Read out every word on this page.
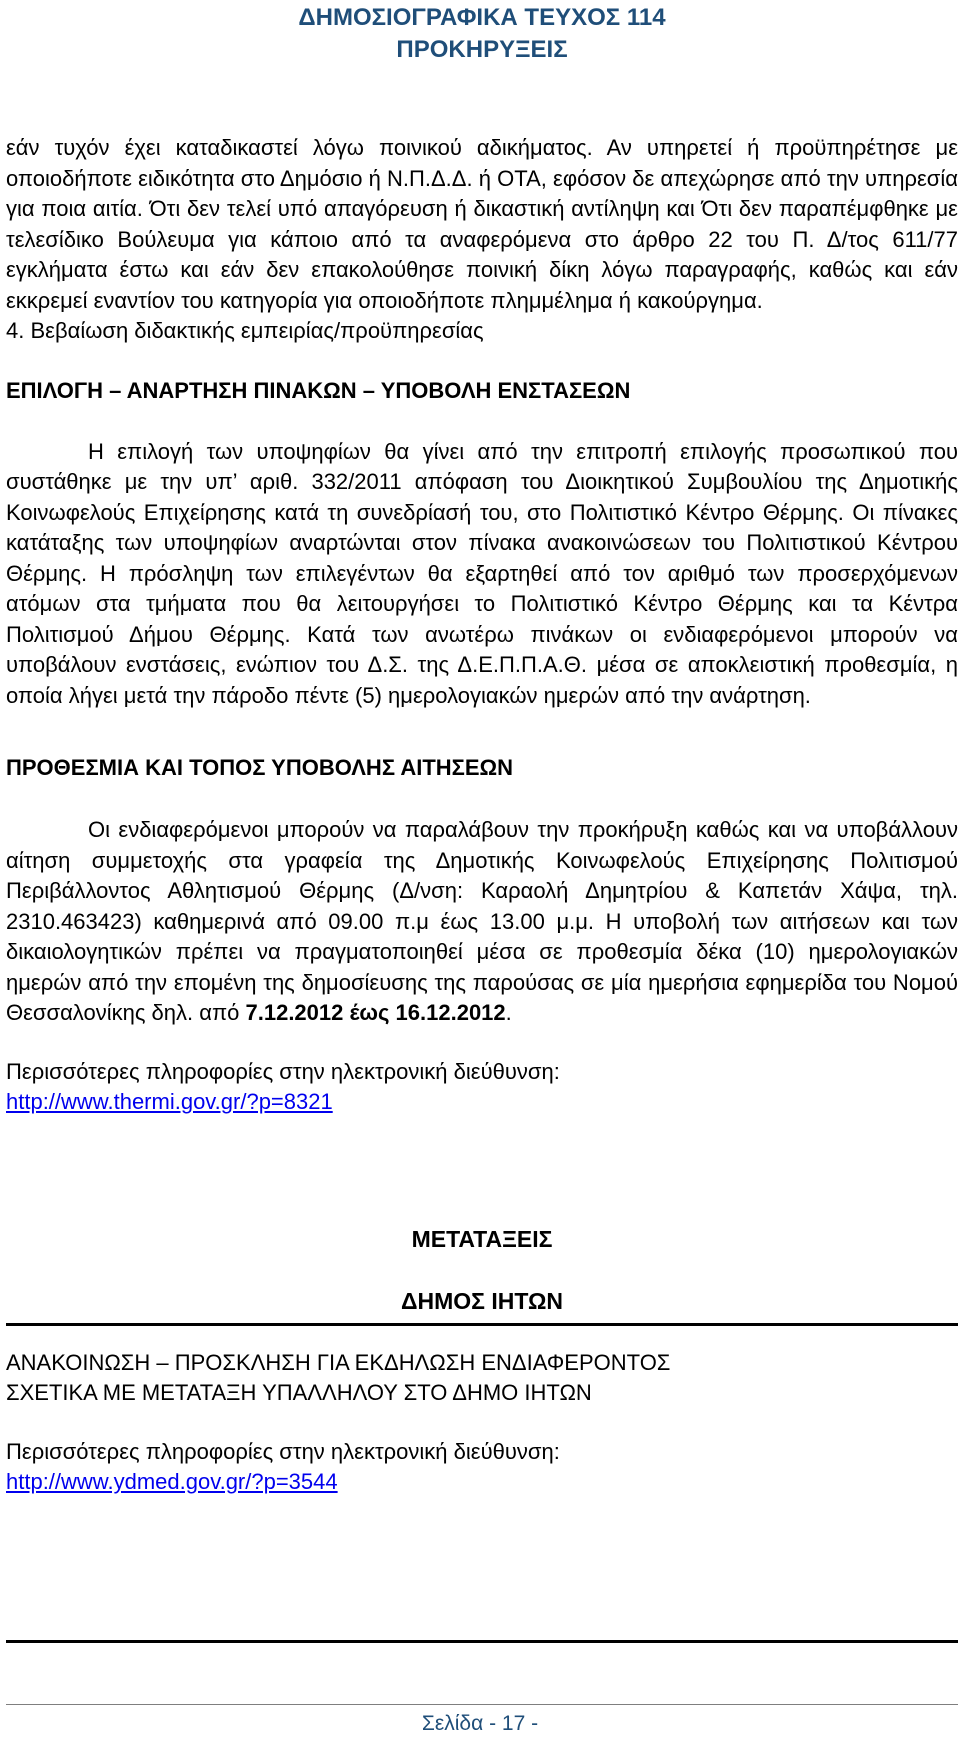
ΔΗΜΟΣΙΟΓΡΑΦΙΚΑ ΤΕΥΧΟΣ 114
ΠΡΟΚΗΡΥΞΕΙΣ

εάν τυχόν έχει καταδικαστεί λόγω ποινικού αδικήματος. Αν υπηρετεί ή προϋπηρέτησε με οποιοδήποτε ειδικότητα στο Δημόσιο ή Ν.Π.Δ.Δ. ή ΟΤΑ, εφόσον δε απεχώρησε από την υπηρεσία για ποια αιτία. Ότι δεν τελεί υπό απαγόρευση ή δικαστική αντίληψη και Ότι δεν παραπέμφθηκε με τελεσίδικο Βούλευμα για κάποιο από τα αναφερόμενα στο άρθρο 22 του Π. Δ/τος 611/77 εγκλήματα έστω και εάν δεν επακολούθησε ποινική δίκη λόγω παραγραφής, καθώς και εάν εκκρεμεί εναντίον του κατηγορία για οποιοδήποτε πλημμέλημα ή κακούργημα.

4. Βεβαίωση διδακτικής εμπειρίας/προϋπηρεσίας

ΕΠΙΛΟΓΗ – ΑΝΑΡΤΗΣΗ ΠΙΝΑΚΩΝ – ΥΠΟΒΟΛΗ ΕΝΣΤΑΣΕΩΝ

Η επιλογή των υποψηφίων θα γίνει από την επιτροπή επιλογής προσωπικού που συστάθηκε με την υπ’ αριθ. 332/2011 απόφαση του Διοικητικού Συμβουλίου της Δημοτικής Κοινωφελούς Επιχείρησης κατά τη συνεδρίασή του, στο Πολιτιστικό Κέντρο Θέρμης. Οι πίνακες κατάταξης των υποψηφίων αναρτώνται στον πίνακα ανακοινώσεων του Πολιτιστικού Κέντρου Θέρμης. Η πρόσληψη των επιλεγέντων θα εξαρτηθεί από τον αριθμό των προσερχόμενων ατόμων στα τμήματα που θα λειτουργήσει το Πολιτιστικό Κέντρο Θέρμης και τα Κέντρα Πολιτισμού Δήμου Θέρμης. Κατά των ανωτέρω πινάκων οι ενδιαφερόμενοι μπορούν να υποβάλουν ενστάσεις, ενώπιον του Δ.Σ. της Δ.Ε.Π.Π.Α.Θ. μέσα σε αποκλειστική προθεσμία, η οποία λήγει μετά την πάροδο πέντε (5) ημερολογιακών ημερών από την ανάρτηση.

ΠΡΟΘΕΣΜΙΑ ΚΑΙ ΤΟΠΟΣ ΥΠΟΒΟΛΗΣ ΑΙΤΗΣΕΩΝ

Οι ενδιαφερόμενοι μπορούν να παραλάβουν την προκήρυξη καθώς και να υποβάλλουν αίτηση συμμετοχής στα γραφεία της Δημοτικής Κοινωφελούς Επιχείρησης Πολιτισμού Περιβάλλοντος Αθλητισμού Θέρμης (Δ/νση: Καραολή Δημητρίου & Καπετάν Χάψα, τηλ. 2310.463423) καθημερινά από 09.00 π.μ έως 13.00 μ.μ. Η υποβολή των αιτήσεων και των δικαιολογητικών πρέπει να πραγματοποιηθεί μέσα σε προθεσμία δέκα (10) ημερολογιακών ημερών από την επομένη της δημοσίευσης της παρούσας σε μία ημερήσια εφημερίδα του Νομού Θεσσαλονίκης δηλ. από 7.12.2012 έως 16.12.2012.

Περισσότερες πληροφορίες στην ηλεκτρονική διεύθυνση:

http://www.thermi.gov.gr/?p=8321

ΜΕΤΑΤΑΞΕΙΣ
ΔΗΜΟΣ ΙΗΤΩΝ

ΑΝΑΚΟΙΝΩΣΗ – ΠΡΟΣΚΛΗΣΗ ΓΙΑ ΕΚΔΗΛΩΣΗ ΕΝΔΙΑΦΕΡΟΝΤΟΣ

ΣΧΕΤΙΚΑ ΜΕ ΜΕΤΑΤΑΞΗ ΥΠΑΛΛΗΛΟΥ ΣΤΟ ΔΗΜΟ ΙΗΤΩΝ

Περισσότερες πληροφορίες στην ηλεκτρονική διεύθυνση:

http://www.ydmed.gov.gr/?p=3544

Σελίδα - 17 -
